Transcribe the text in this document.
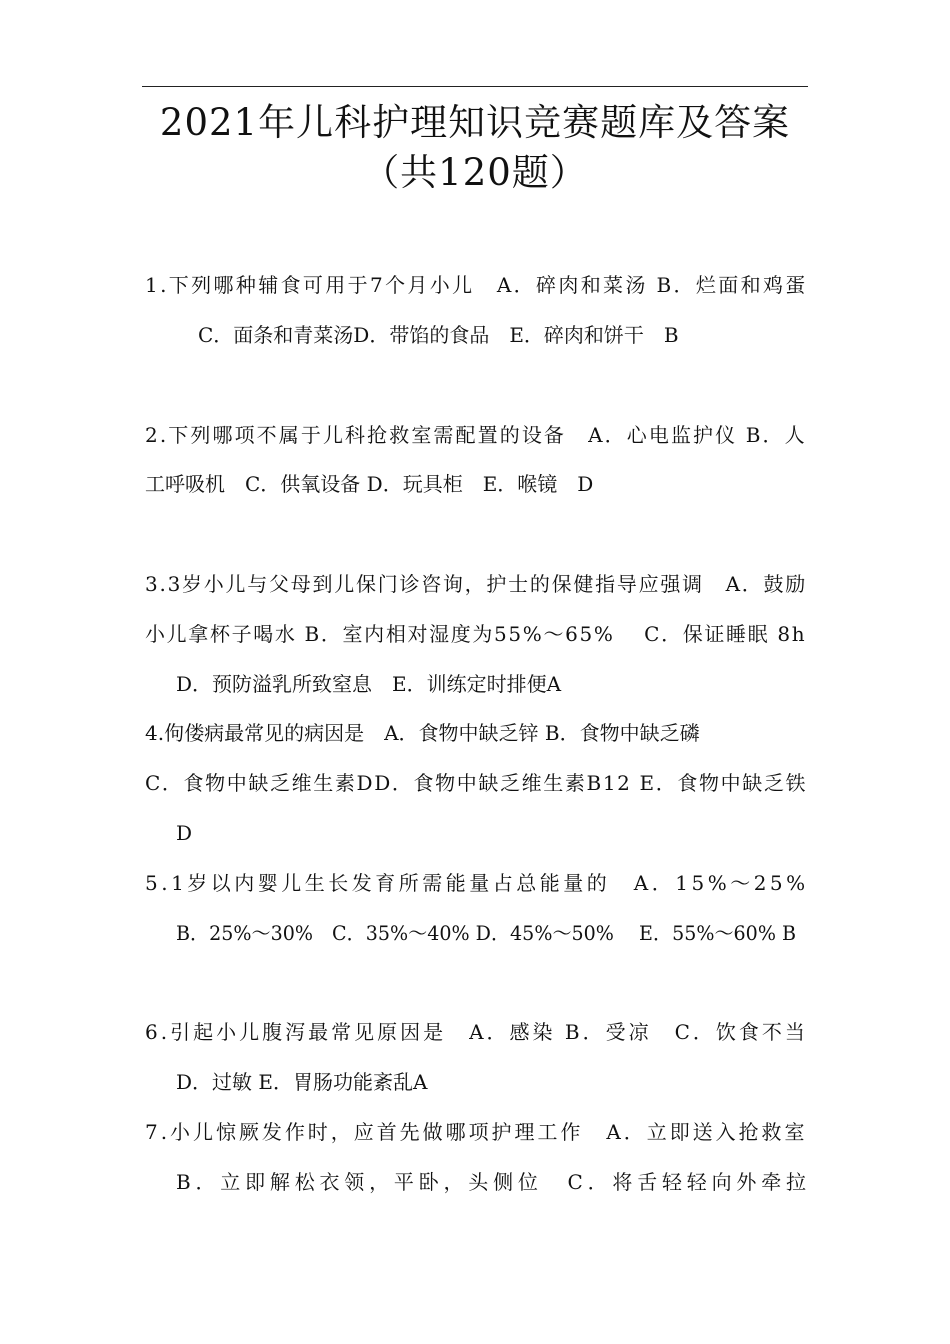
2021年儿科护理知识竞赛题库及答案
（共120题）
1.下列哪种辅食可用于7个月小儿　A．碎肉和菜汤 B．烂面和鸡蛋
C．面条和青菜汤D．带馅的食品　E．碎肉和饼干　B
2.下列哪项不属于儿科抢救室需配置的设备　A．心电监护仪 B．人
工呼吸机　C．供氧设备 D．玩具柜　E．喉镜　D
3.3岁小儿与父母到儿保门诊咨询，护士的保健指导应强调　A．鼓励
小儿拿杯子喝水 B．室内相对湿度为55%～65%　 C．保证睡眠 8h
D．预防溢乳所致窒息　E．训练定时排便A
4.佝偻病最常见的病因是　A．食物中缺乏锌 B．食物中缺乏磷
C．食物中缺乏维生素DD．食物中缺乏维生素B12 E．食物中缺乏铁
D
5.1岁以内婴儿生长发育所需能量占总能量的　A．15%～25%
B．25%～30%　C．35%～40% D．45%～50%　 E．55%～60% B
6.引起小儿腹泻最常见原因是　A．感染 B．受凉　C．饮食不当
D．过敏 E．胃肠功能紊乱A
7.小儿惊厥发作时，应首先做哪项护理工作　A．立即送入抢救室
B．立即解松衣领，平卧，头侧位　C．将舌轻轻向外牵拉
